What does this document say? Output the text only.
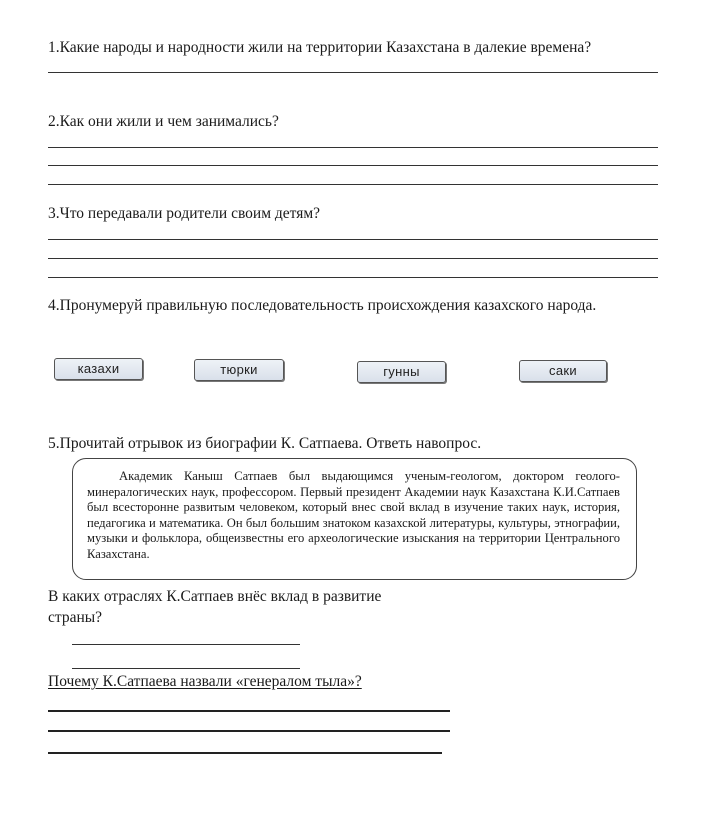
1.Какие народы и народности жили на территории Казахстана в далекие времена?
2.Как они жили и чем занимались?
3.Что передавали родители своим детям?
4.Пронумеруй правильную последовательность происхождения казахского народа.
казахи	тюрки	гунны	саки
5.Прочитай отрывок из биографии К. Сатпаева. Ответь навопрос.

Академик Каныш Сатпаев был выдающимся ученым-геологом, доктором геолого-минералогических наук, профессором. Первый президент Академии наук Казахстана К.И.Сатпаев был всесторонне развитым человеком, который внес свой вклад в изучение таких наук, история, педагогика и математика. Он был большим знатоком казахской литературы, культуры, этнографии, музыки и фольклора, общеизвестны его археологические изыскания на территории Центрального Казахстана.

В каких отраслях К.Сатпаев внёс вклад в развитие страны?
Почему К.Сатпаева назвали «генералом тыла»?
